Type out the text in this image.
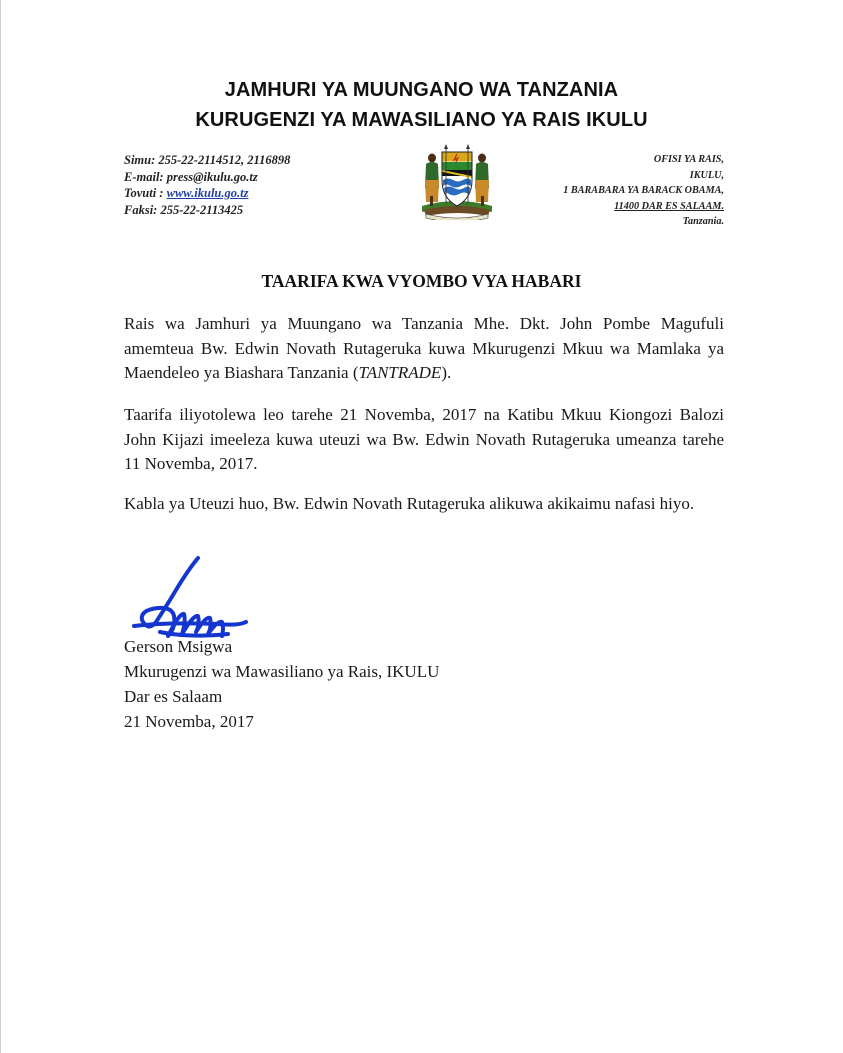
JAMHURI YA MUUNGANO WA TANZANIA
KURUGENZI YA MAWASILIANO YA RAIS IKULU
Simu: 255-22-2114512, 2116898
E-mail: press@ikulu.go.tz
Tovuti : www.ikulu.go.tz
Faksi: 255-22-2113425
OFISI YA RAIS,
IKULU,
1 BARABARA YA BARACK OBAMA,
11400 DAR ES SALAAM.
Tanzania.
TAARIFA KWA VYOMBO VYA HABARI
Rais wa Jamhuri ya Muungano wa Tanzania Mhe. Dkt. John Pombe Magufuli amemteua Bw. Edwin Novath Rutageruka kuwa Mkurugenzi Mkuu wa Mamlaka ya Maendeleo ya Biashara Tanzania (TANTRADE).
Taarifa iliyotolewa leo tarehe 21 Novemba, 2017 na Katibu Mkuu Kiongozi Balozi John Kijazi imeeleza kuwa uteuzi wa Bw. Edwin Novath Rutageruka umeanza tarehe 11 Novemba, 2017.
Kabla ya Uteuzi huo, Bw. Edwin Novath Rutageruka alikuwa akikaimu nafasi hiyo.
Gerson Msigwa
Mkurugenzi wa Mawasiliano ya Rais, IKULU
Dar es Salaam
21 Novemba, 2017
